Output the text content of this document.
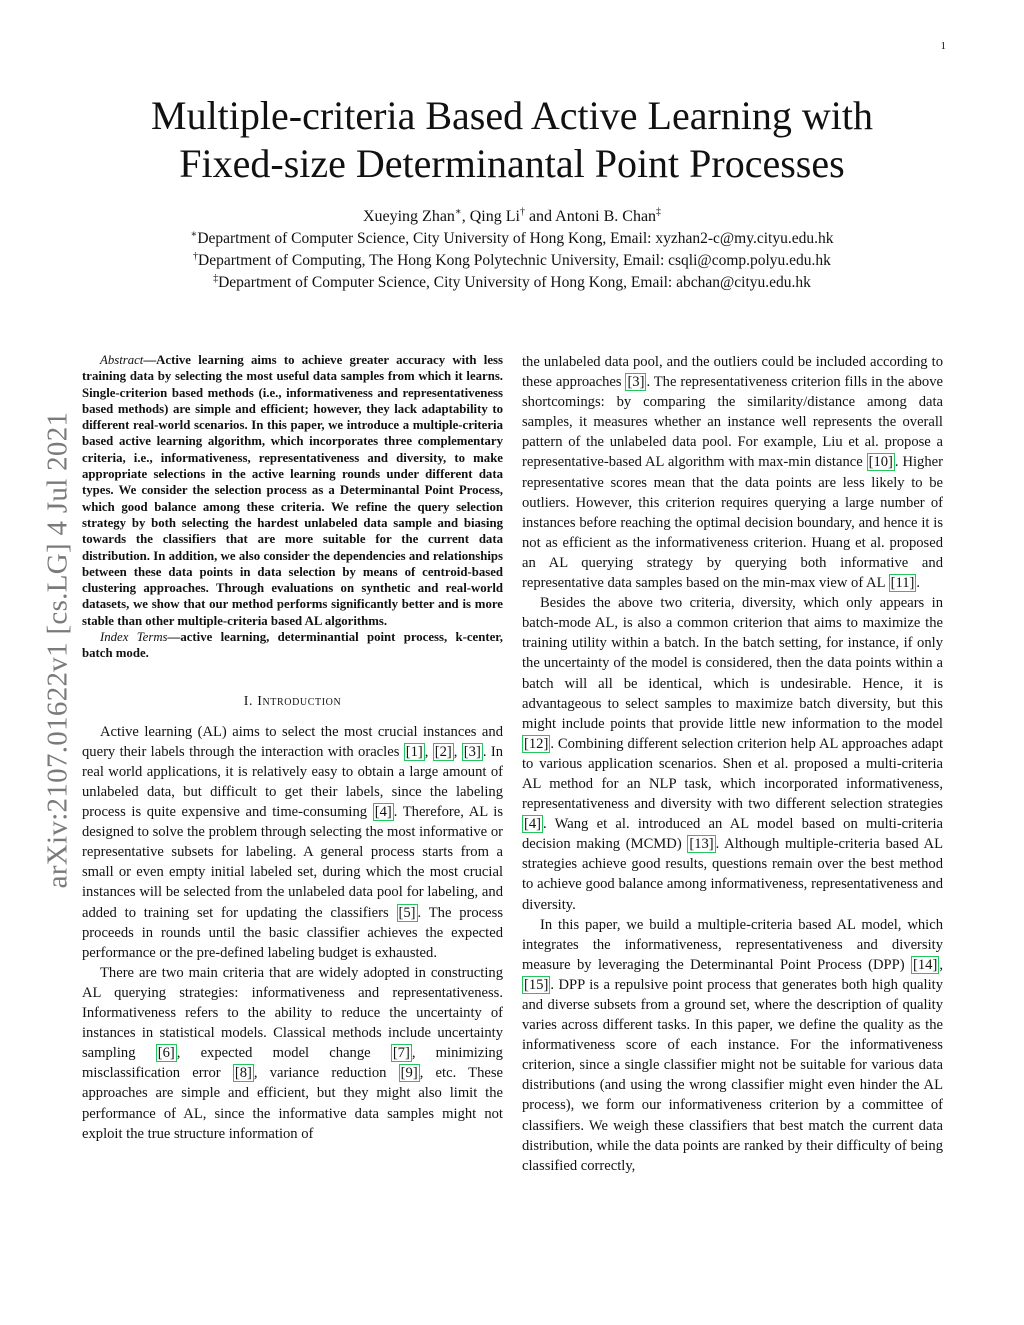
1
arXiv:2107.01622v1 [cs.LG] 4 Jul 2021
Multiple-criteria Based Active Learning with
Fixed-size Determinantal Point Processes
Xueying Zhan∗, Qing Li† and Antoni B. Chan‡
∗Department of Computer Science, City University of Hong Kong, Email: xyzhan2-c@my.cityu.edu.hk
†Department of Computing, The Hong Kong Polytechnic University, Email: csqli@comp.polyu.edu.hk
‡Department of Computer Science, City University of Hong Kong, Email: abchan@cityu.edu.hk

Abstract—Active learning aims to achieve greater accuracy with less training data by selecting the most useful data samples from which it learns. Single-criterion based methods (i.e., informativeness and representativeness based methods) are simple and efficient; however, they lack adaptability to different real-world scenarios. In this paper, we introduce a multiple-criteria based active learning algorithm, which incorporates three complementary criteria, i.e., informativeness, representativeness and diversity, to make appropriate selections in the active learning rounds under different data types. We consider the selection process as a Determinantal Point Process, which good balance among these criteria. We refine the query selection strategy by both selecting the hardest unlabeled data sample and biasing towards the classifiers that are more suitable for the current data distribution. In addition, we also consider the dependencies and relationships between these data points in data selection by means of centroid-based clustering approaches. Through evaluations on synthetic and real-world datasets, we show that our method performs significantly better and is more stable than other multiple-criteria based AL algorithms.

Index Terms—active learning, determinantial point process, k-center, batch mode.

I. Introduction

Active learning (AL) aims to select the most crucial instances and query their labels through the interaction with oracles [1] , [2] , [3] . In real world applications, it is relatively easy to obtain a large amount of unlabeled data, but difficult to get their labels, since the labeling process is quite expensive and time-consuming [4] . Therefore, AL is designed to solve the problem through selecting the most informative or representative subsets for labeling. A general process starts from a small or even empty initial labeled set, during which the most crucial instances will be selected from the unlabeled data pool for labeling, and added to training set for updating the classifiers [5] . The process proceeds in rounds until the basic classifier achieves the expected performance or the pre-defined labeling budget is exhausted.

There are two main criteria that are widely adopted in constructing AL querying strategies: informativeness and representativeness. Informativeness refers to the ability to reduce the uncertainty of instances in statistical models. Classical methods include uncertainty sampling [6] , expected model change [7] , minimizing misclassification error [8] , variance reduction [9] , etc. These approaches are simple and efficient, but they might also limit the performance of AL, since the informative data samples might not exploit the true structure information of

the unlabeled data pool, and the outliers could be included according to these approaches [3] . The representativeness criterion fills in the above shortcomings: by comparing the similarity/distance among data samples, it measures whether an instance well represents the overall pattern of the unlabeled data pool. For example, Liu et al. propose a representative-based AL algorithm with max-min distance [10] . Higher representative scores mean that the data points are less likely to be outliers. However, this criterion requires querying a large number of instances before reaching the optimal decision boundary, and hence it is not as efficient as the informativeness criterion. Huang et al. proposed an AL querying strategy by querying both informative and representative data samples based on the min-max view of AL [11] .

Besides the above two criteria, diversity, which only appears in batch-mode AL, is also a common criterion that aims to maximize the training utility within a batch. In the batch setting, for instance, if only the uncertainty of the model is considered, then the data points within a batch will all be identical, which is undesirable. Hence, it is advantageous to select samples to maximize batch diversity, but this might include points that provide little new information to the model [12] . Combining different selection criterion help AL approaches adapt to various application scenarios. Shen et al. proposed a multi-criteria AL method for an NLP task, which incorporated informativeness, representativeness and diversity with two different selection strategies [4] . Wang et al. introduced an AL model based on multi-criteria decision making (MCMD) [13] . Although multiple-criteria based AL strategies achieve good results, questions remain over the best method to achieve good balance among informativeness, representativeness and diversity.

In this paper, we build a multiple-criteria based AL model, which integrates the informativeness, representativeness and diversity measure by leveraging the Determinantal Point Process (DPP) [14] , [15] . DPP is a repulsive point process that generates both high quality and diverse subsets from a ground set, where the description of quality varies across different tasks. In this paper, we define the quality as the informativeness score of each instance. For the informativeness criterion, since a single classifier might not be suitable for various data distributions (and using the wrong classifier might even hinder the AL process), we form our informativeness criterion by a committee of classifiers. We weigh these classifiers that best match the current data distribution, while the data points are ranked by their difficulty of being classified correctly,
